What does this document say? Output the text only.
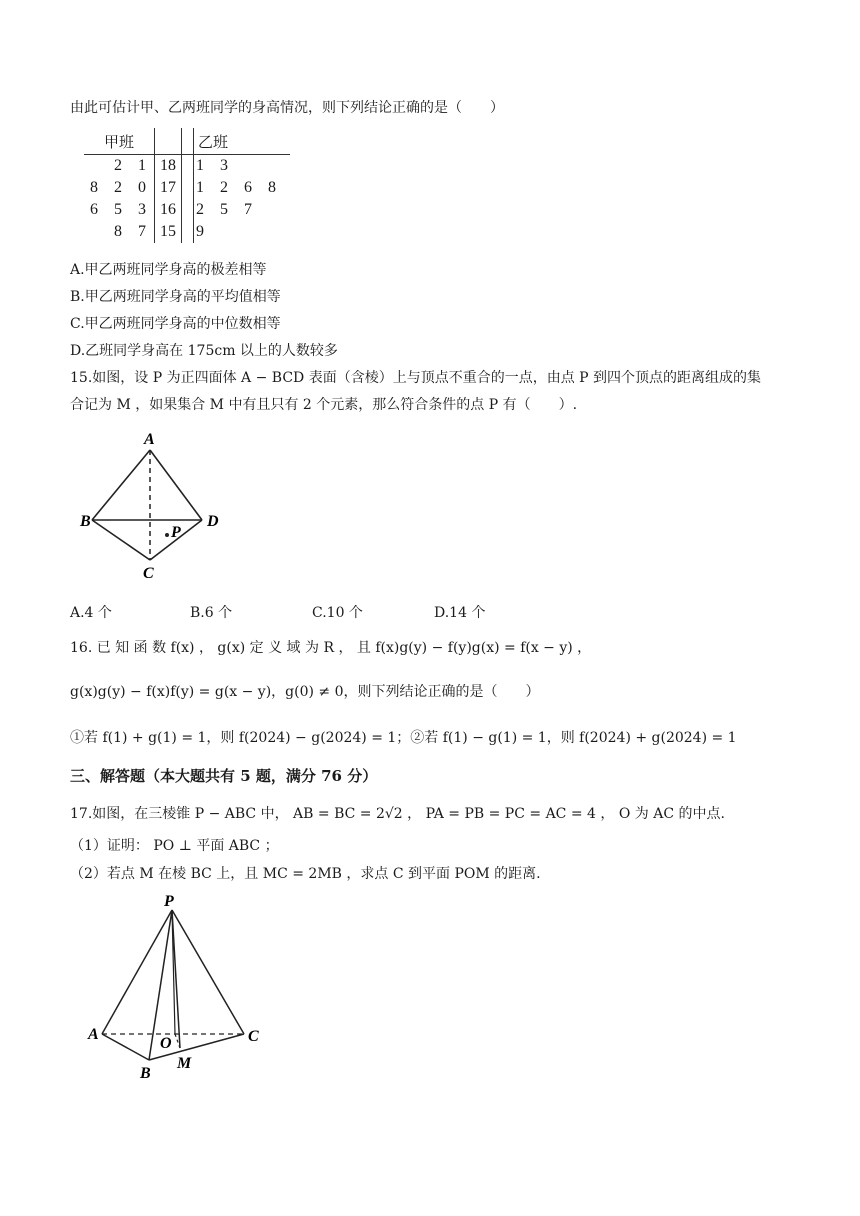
由此可估计甲、乙两班同学的身高情况，则下列结论正确的是（　　）
甲班			乙班
2 1	18		1 3
8 2 0	17		1 2 6 8
6 5 3	16		2 5 7
8 7	15		9
A.甲乙两班同学身高的极差相等
B.甲乙两班同学身高的平均值相等
C.甲乙两班同学身高的中位数相等
D.乙班同学身高在 175cm 以上的人数较多
15.如图，设 P 为正四面体 A − BCD 表面（含棱）上与顶点不重合的一点，由点 P 到四个顶点的距离组成的集
合记为 M ，如果集合 M 中有且只有 2 个元素，那么符合条件的点 P 有（　　）.
A
B	D
C
P
A.4 个	B.6 个	C.10 个	D.14 个
16. 已 知 函 数 f(x) ， g(x) 定 义 域 为 R ， 且 f(x)g(y) − f(y)g(x) = f(x − y) ，
g(x)g(y) − f(x)f(y) = g(x − y)，g(0) ≠ 0，则下列结论正确的是（　　）
①若 f(1) + g(1) = 1，则 f(2024) − g(2024) = 1；②若 f(1) − g(1) = 1，则 f(2024) + g(2024) = 1
三、解答题（本大题共有 5 题，满分 76 分）
17.如图，在三棱锥 P − ABC 中， AB = BC = 2√2 ， PA = PB = PC = AC = 4 ， O 为 AC 的中点.
（1）证明： PO ⊥ 平面 ABC ；
（2）若点 M 在棱 BC 上，且 MC = 2MB ，求点 C 到平面 POM 的距离.
P
A	C
O
B
M
